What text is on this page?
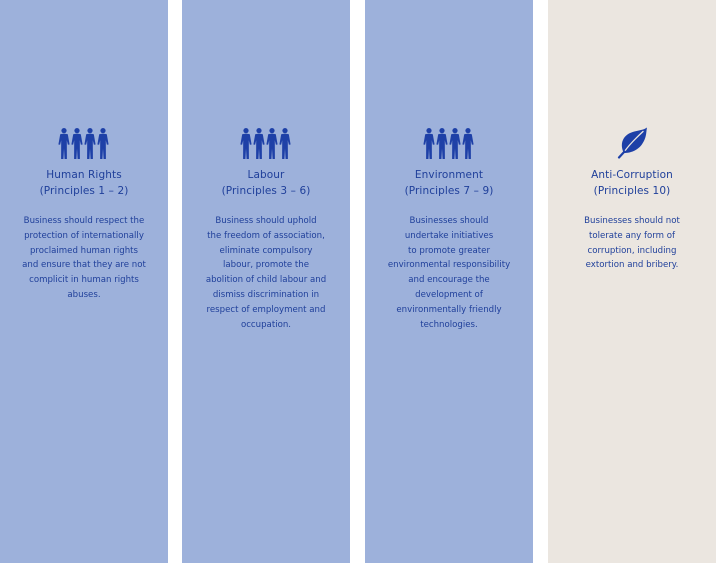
Human Rights
(Principles 1 – 2)
Business should respect the
protection of internationally
proclaimed human rights
and ensure that they are not
complicit in human rights
abuses.
Labour
(Principles 3 – 6)
Business should uphold
the freedom of association,
eliminate compulsory
labour, promote the
abolition of child labour and
dismiss discrimination in
respect of employment and
occupation.
Environment
(Principles 7 – 9)
Businesses should
undertake initiatives
to promote greater
environmental responsibility
and encourage the
development of
environmentally friendly
technologies.
Anti-Corruption
(Principles 10)
Businesses should not
tolerate any form of
corruption, including
extortion and bribery.
